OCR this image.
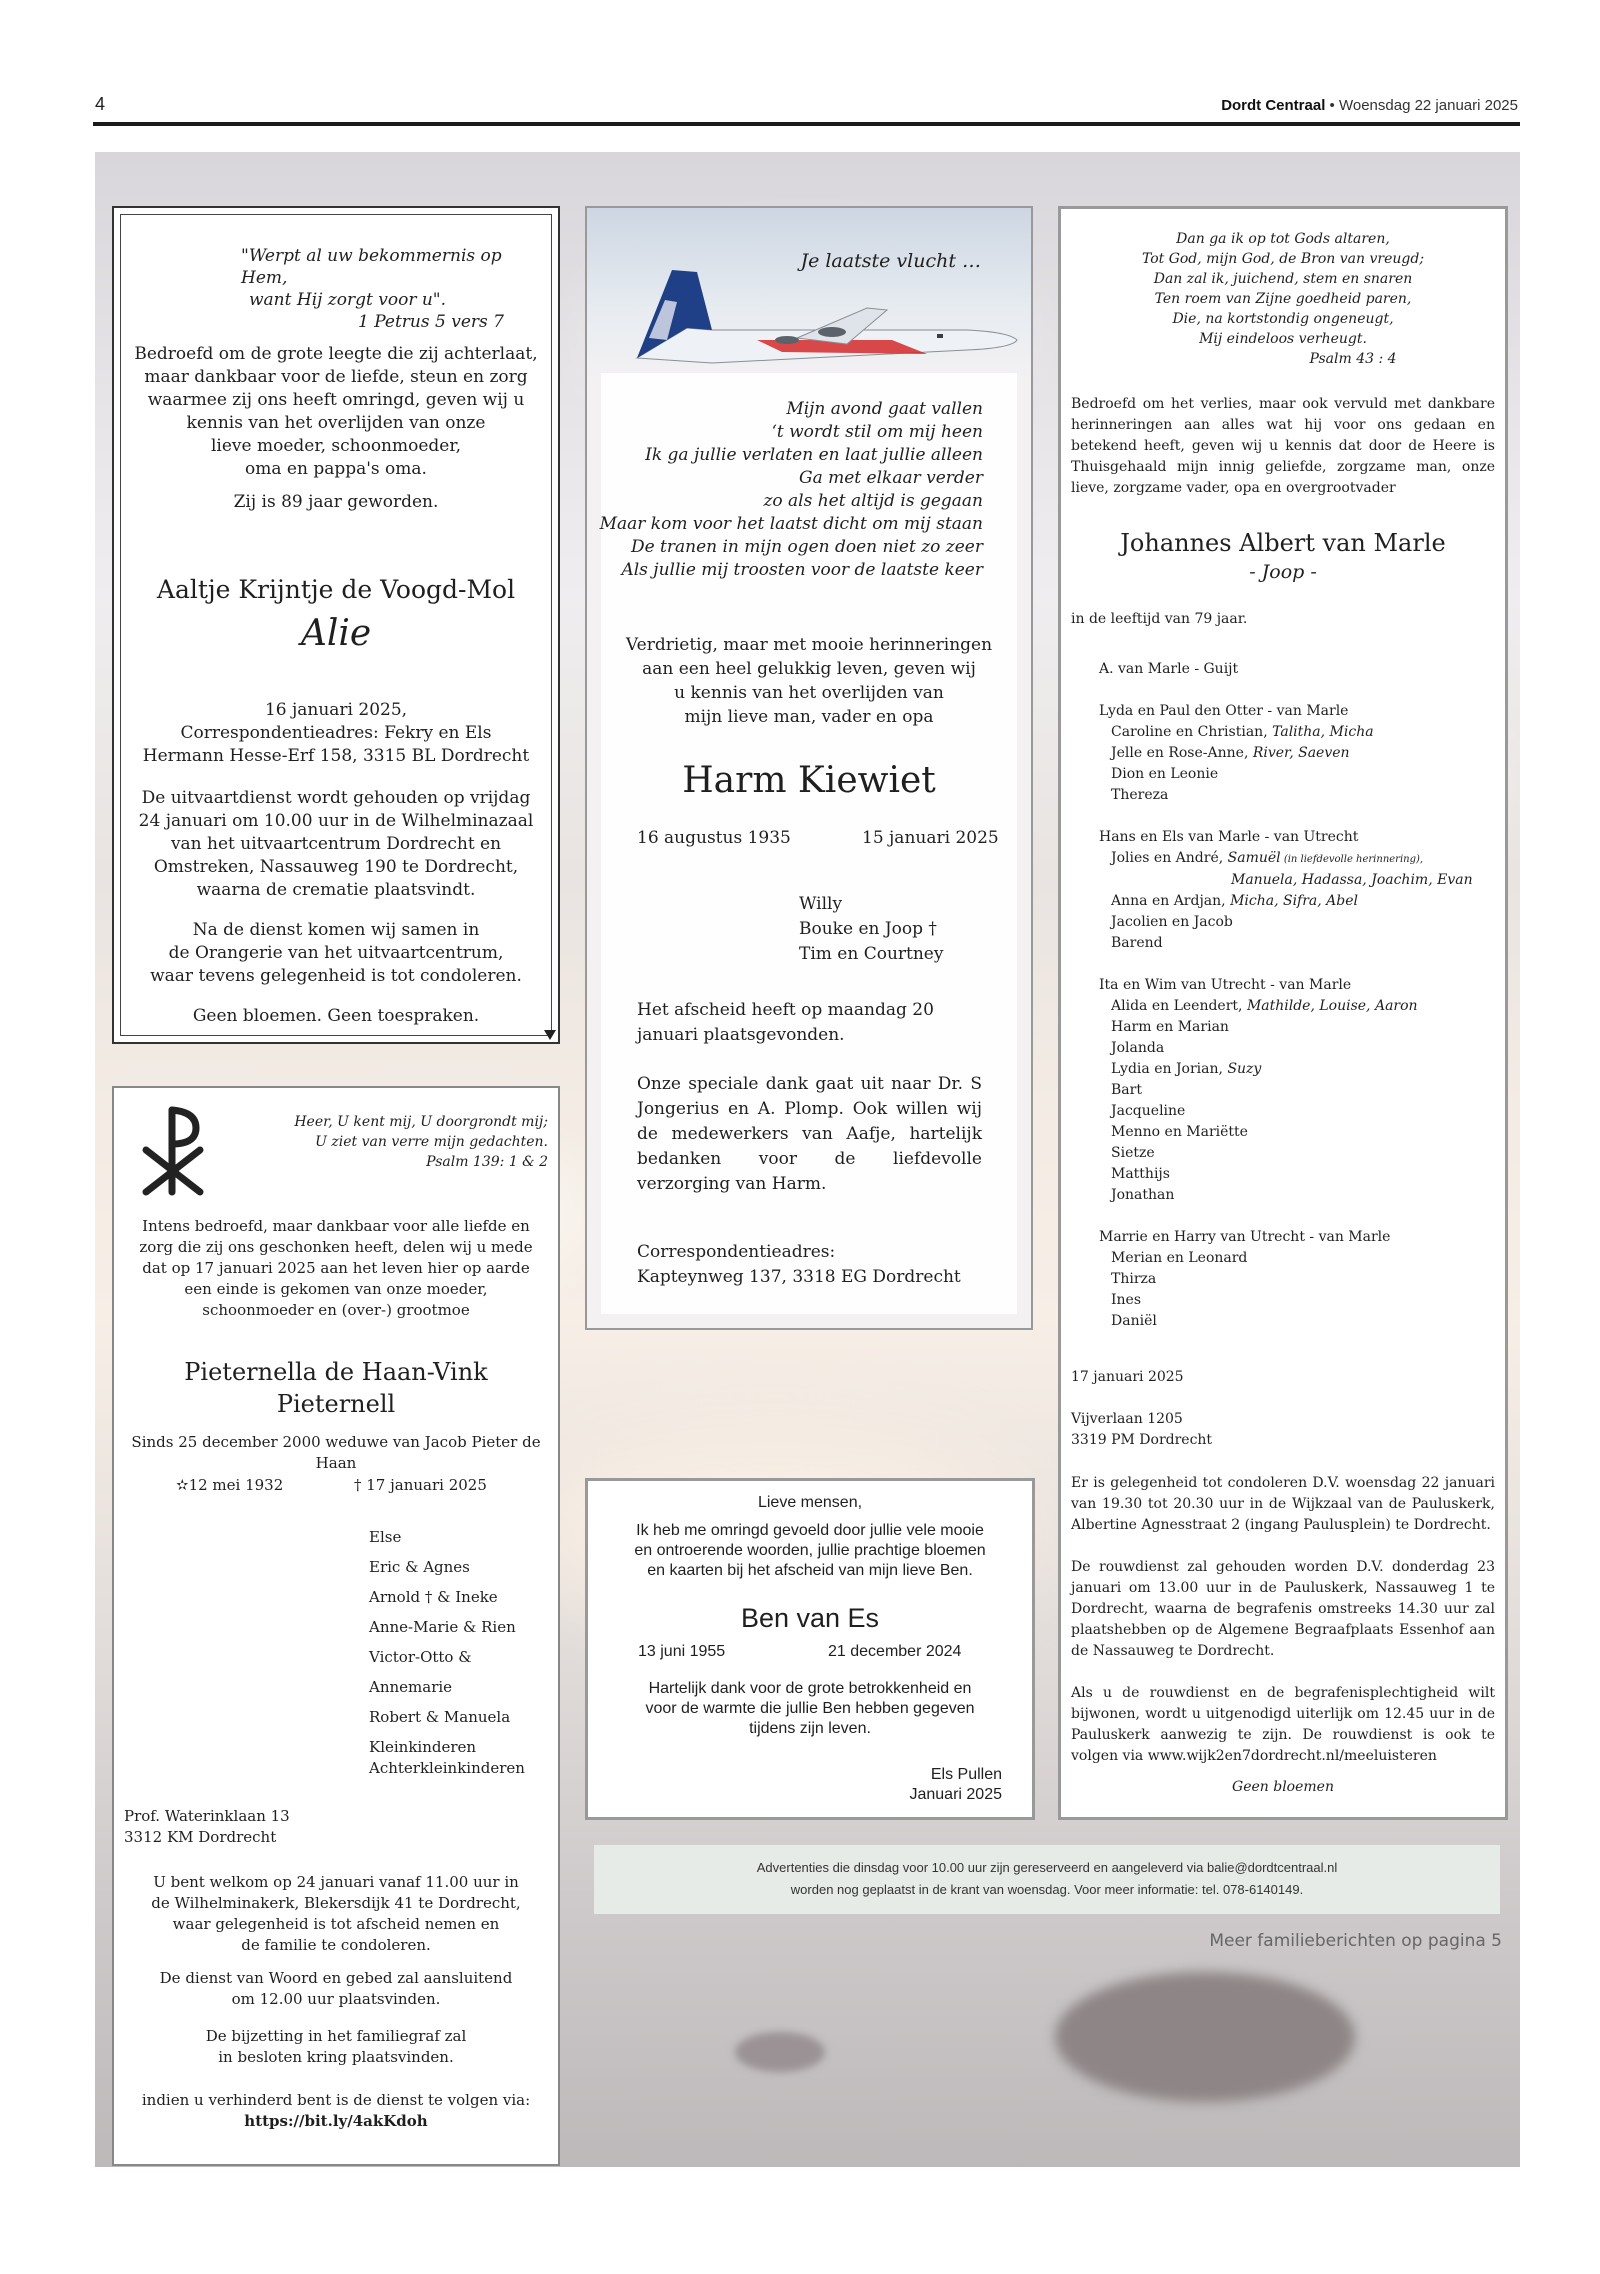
4	Dordt Centraal • Woensdag 22 januari 2025

"Werpt al uw bekommernis op Hem,

want Hij zorgt voor u".

1 Petrus 5 vers 7

Bedroefd om de grote leegte die zij achterlaat,

maar dankbaar voor de liefde, steun en zorg

waarmee zij ons heeft omringd, geven wij u

kennis van het overlijden van onze

lieve moeder, schoonmoeder,

oma en pappa's oma.

Zij is 89 jaar geworden.
Aaltje Krijntje de Voogd-Mol
Alie

16 januari 2025,

Correspondentieadres: Fekry en Els

Hermann Hesse-Erf 158, 3315 BL Dordrecht

De uitvaartdienst wordt gehouden op vrijdag

24 januari om 10.00 uur in de Wilhelminazaal

van het uitvaartcentrum Dordrecht en

Omstreken, Nassauweg 190 te Dordrecht,

waarna de crematie plaatsvindt.

Na de dienst komen wij samen in

de Orangerie van het uitvaartcentrum,

waar tevens gelegenheid is tot condoleren.

Geen bloemen. Geen toespraken.

Heer, U kent mij, U doorgrondt mij;

U ziet van verre mijn gedachten.

Psalm 139: 1 & 2

Intens bedroefd, maar dankbaar voor alle liefde en

zorg die zij ons geschonken heeft, delen wij u mede

dat op 17 januari 2025 aan het leven hier op aarde

een einde is gekomen van onze moeder,

schoonmoeder en (over-) grootmoe

Pieternella de Haan-Vink

Pieternell

Sinds 25 december 2000 weduwe van Jacob Pieter de Haan
✫12 mei 1932	† 17 januari 2025

Else

Eric & Agnes

Arnold † & Ineke

Anne-Marie & Rien

Victor-Otto & Annemarie

Robert & Manuela

Kleinkinderen

Achterkleinkinderen

Prof. Waterinklaan 13

3312 KM Dordrecht

U bent welkom op 24 januari vanaf 11.00 uur in

de Wilhelminakerk, Blekersdijk 41 te Dordrecht,

waar gelegenheid is tot afscheid nemen en

de familie te condoleren.

De dienst van Woord en gebed zal aansluitend

om 12.00 uur plaatsvinden.

De bijzetting in het familiegraf zal

in besloten kring plaatsvinden.

indien u verhinderd bent is de dienst te volgen via:
https://bit.ly/4akKdoh
Je laatste vlucht …

Mijn avond gaat vallen

‘t wordt stil om mij heen

Ik ga jullie verlaten en laat jullie alleen

Ga met elkaar verder

zo als het altijd is gegaan

Maar kom voor het laatst dicht om mij staan

De tranen in mijn ogen doen niet zo zeer

Als jullie mij troosten voor de laatste keer

Verdrietig, maar met mooie herinneringen

aan een heel gelukkig leven, geven wij

u kennis van het overlijden van

mijn lieve man, vader en opa

Harm Kiewiet
16 augustus 1935	15 januari 2025

Willy

Bouke en Joop †

Tim en Courtney

Het afscheid heeft op maandag 20 januari plaatsgevonden.
Onze speciale dank gaat uit naar Dr. S Jongerius en A. Plomp. Ook willen wij de medewerkers van Aafje, hartelijk bedanken voor de liefdevolle verzorging van Harm.
Correspondentieadres:
Kapteynweg 137, 3318 EG Dordrecht
Lieve mensen,

Ik heb me omringd gevoeld door jullie vele mooie

en ontroerende woorden, jullie prachtige bloemen

en kaarten bij het afscheid van mijn lieve Ben.

Ben van Es
13 juni 1955	21 december 2024

Hartelijk dank voor de grote betrokkenheid en

voor de warmte die jullie Ben hebben gegeven

tijdens zijn leven.

Els Pullen

Januari 2025

Dan ga ik op tot Gods altaren,

Tot God, mijn God, de Bron van vreugd;

Dan zal ik, juichend, stem en snaren

Ten roem van Zijne goedheid paren,

Die, na kortstondig ongeneugt,

Mij eindeloos verheugt.

Psalm 43 : 4

Bedroefd om het verlies, maar ook vervuld met dankbare herinneringen aan alles wat hij voor ons gedaan en betekend heeft, geven wij u kennis dat door de Heere is Thuisgehaald mijn innig geliefde, zorgzame man, onze lieve, zorgzame vader, opa en overgrootvader
Johannes Albert van Marle
- Joop -
in de leeftijd van 79 jaar.

A. van Marle - Guijt

Lyda en Paul den Otter - van Marle

Caroline en Christian, Talitha, Micha

Jelle en Rose-Anne, River, Saeven

Dion en Leonie

Thereza

Hans en Els van Marle - van Utrecht

Jolies en André, Samuël (in liefdevolle herinnering),

Manuela, Hadassa, Joachim, Evan

Anna en Ardjan, Micha, Sifra, Abel

Jacolien en Jacob

Barend

Ita en Wim van Utrecht - van Marle

Alida en Leendert, Mathilde, Louise, Aaron

Harm en Marian

Jolanda

Lydia en Jorian, Suzy

Bart

Jacqueline

Menno en Mariëtte

Sietze

Matthijs

Jonathan

Marrie en Harry van Utrecht - van Marle

Merian en Leonard

Thirza

Ines

Daniël

17 januari 2025

Vijverlaan 1205

3319 PM Dordrecht

Er is gelegenheid tot condoleren D.V. woensdag 22 januari van 19.30 tot 20.30 uur in de Wijkzaal van de Pauluskerk, Albertine Agnesstraat 2 (ingang Paulusplein) te Dordrecht.
De rouwdienst zal gehouden worden D.V. donderdag 23 januari om 13.00 uur in de Pauluskerk, Nassauweg 1 te Dordrecht, waarna de begrafenis omstreeks 14.30 uur zal plaatshebben op de Algemene Begraafplaats Essenhof aan de Nassauweg te Dordrecht.
Als u de rouwdienst en de begrafenisplechtigheid wilt bijwonen, wordt u uitgenodigd uiterlijk om 12.45 uur in de Pauluskerk aanwezig te zijn. De rouwdienst is ook te volgen via www.wijk2en7dordrecht.nl/meeluisteren
Geen bloemen

Advertenties die dinsdag voor 10.00 uur zijn gereserveerd en aangeleverd via balie@dordtcentraal.nl

worden nog geplaatst in de krant van woensdag. Voor meer informatie: tel. 078-6140149.

Meer familieberichten op pagina 5
